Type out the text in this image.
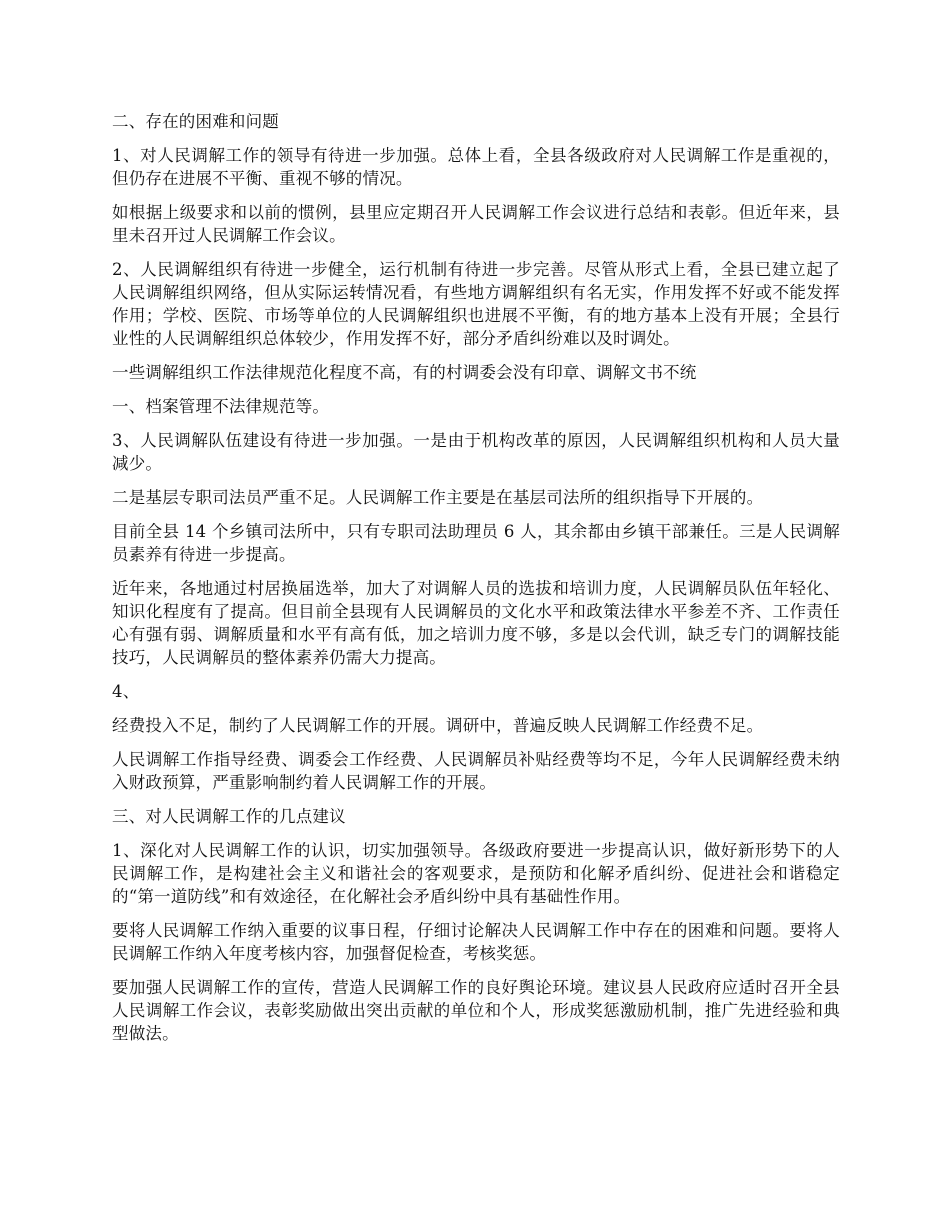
二、存在的困难和问题

1、对人民调解工作的领导有待进一步加强。总体上看，全县各级政府对人民调解工作是重视的，但仍存在进展不平衡、重视不够的情况。

如根据上级要求和以前的惯例，县里应定期召开人民调解工作会议进行总结和表彰。但近年来，县里未召开过人民调解工作会议。

2、人民调解组织有待进一步健全，运行机制有待进一步完善。尽管从形式上看，全县已建立起了人民调解组织网络，但从实际运转情况看，有些地方调解组织有名无实，作用发挥不好或不能发挥作用；学校、医院、市场等单位的人民调解组织也进展不平衡，有的地方基本上没有开展；全县行业性的人民调解组织总体较少，作用发挥不好，部分矛盾纠纷难以及时调处。

一些调解组织工作法律规范化程度不高，有的村调委会没有印章、调解文书不统

一、档案管理不法律规范等。

3、人民调解队伍建设有待进一步加强。一是由于机构改革的原因，人民调解组织机构和人员大量减少。

二是基层专职司法员严重不足。人民调解工作主要是在基层司法所的组织指导下开展的。

目前全县 14 个乡镇司法所中，只有专职司法助理员 6 人，其余都由乡镇干部兼任。三是人民调解员素养有待进一步提高。

近年来，各地通过村居换届选举，加大了对调解人员的选拔和培训力度，人民调解员队伍年轻化、知识化程度有了提高。但目前全县现有人民调解员的文化水平和政策法律水平参差不齐、工作责任心有强有弱、调解质量和水平有高有低，加之培训力度不够，多是以会代训，缺乏专门的调解技能技巧，人民调解员的整体素养仍需大力提高。

4、

经费投入不足，制约了人民调解工作的开展。调研中，普遍反映人民调解工作经费不足。

人民调解工作指导经费、调委会工作经费、人民调解员补贴经费等均不足，今年人民调解经费未纳入财政预算，严重影响制约着人民调解工作的开展。

三、对人民调解工作的几点建议

1、深化对人民调解工作的认识，切实加强领导。各级政府要进一步提高认识，做好新形势下的人民调解工作，是构建社会主义和谐社会的客观要求，是预防和化解矛盾纠纷、促进社会和谐稳定的“第一道防线”和有效途径，在化解社会矛盾纠纷中具有基础性作用。

要将人民调解工作纳入重要的议事日程，仔细讨论解决人民调解工作中存在的困难和问题。要将人民调解工作纳入年度考核内容，加强督促检查，考核奖惩。

要加强人民调解工作的宣传，营造人民调解工作的良好舆论环境。建议县人民政府应适时召开全县人民调解工作会议，表彰奖励做出突出贡献的单位和个人，形成奖惩激励机制，推广先进经验和典型做法。
